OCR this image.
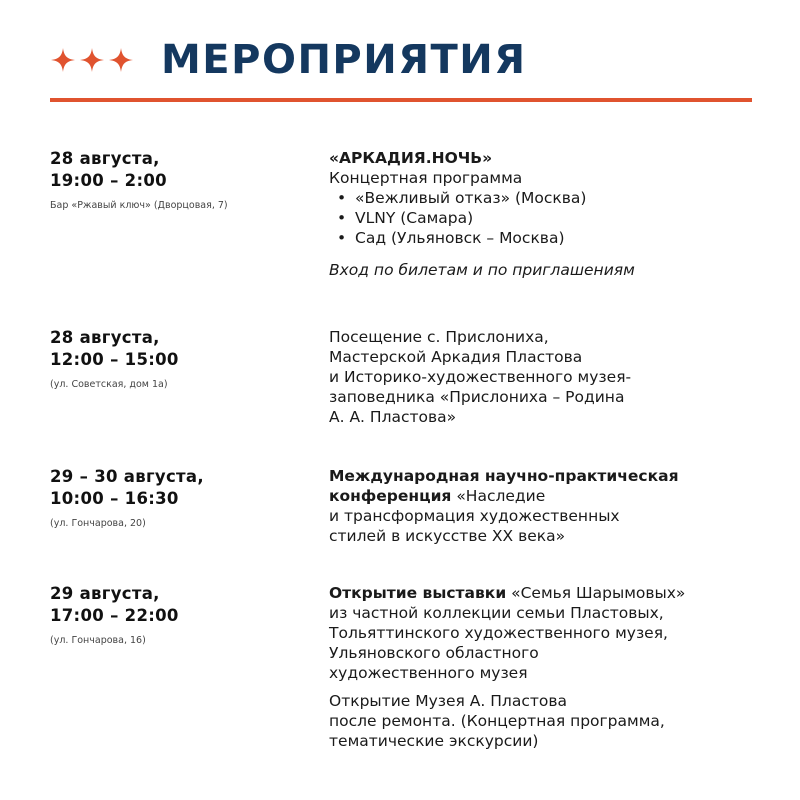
МЕРОПРИЯТИЯ
28 августа,
19:00 – 2:00
Бар «Ржавый ключ» (Дворцовая, 7)
«АРКАДИЯ.НОЧЬ»
Концертная программа
• «Вежливый отказ» (Москва)
• VLNY (Самара)
• Сад (Ульяновск – Москва)
Вход по билетам и по приглашениям
28 августа,
12:00 – 15:00
(ул. Советская, дом 1а)
Посещение с. Прислониха,
Мастерской Аркадия Пластова
и Историко-художественного музея-
заповедника «Прислониха – Родина
А. А. Пластова»
29 – 30 августа,
10:00 – 16:30
(ул. Гончарова, 20)
Международная научно-практическая
конференция «Наследие
и трансформация художественных
стилей в искусстве XX века»
29 августа,
17:00 – 22:00
(ул. Гончарова, 16)
Открытие выставки «Семья Шарымовых»
из частной коллекции семьи Пластовых,
Тольяттинского художественного музея,
Ульяновского областного
художественного музея
Открытие Музея А. Пластова
после ремонта. (Концертная программа,
тематические экскурсии)
